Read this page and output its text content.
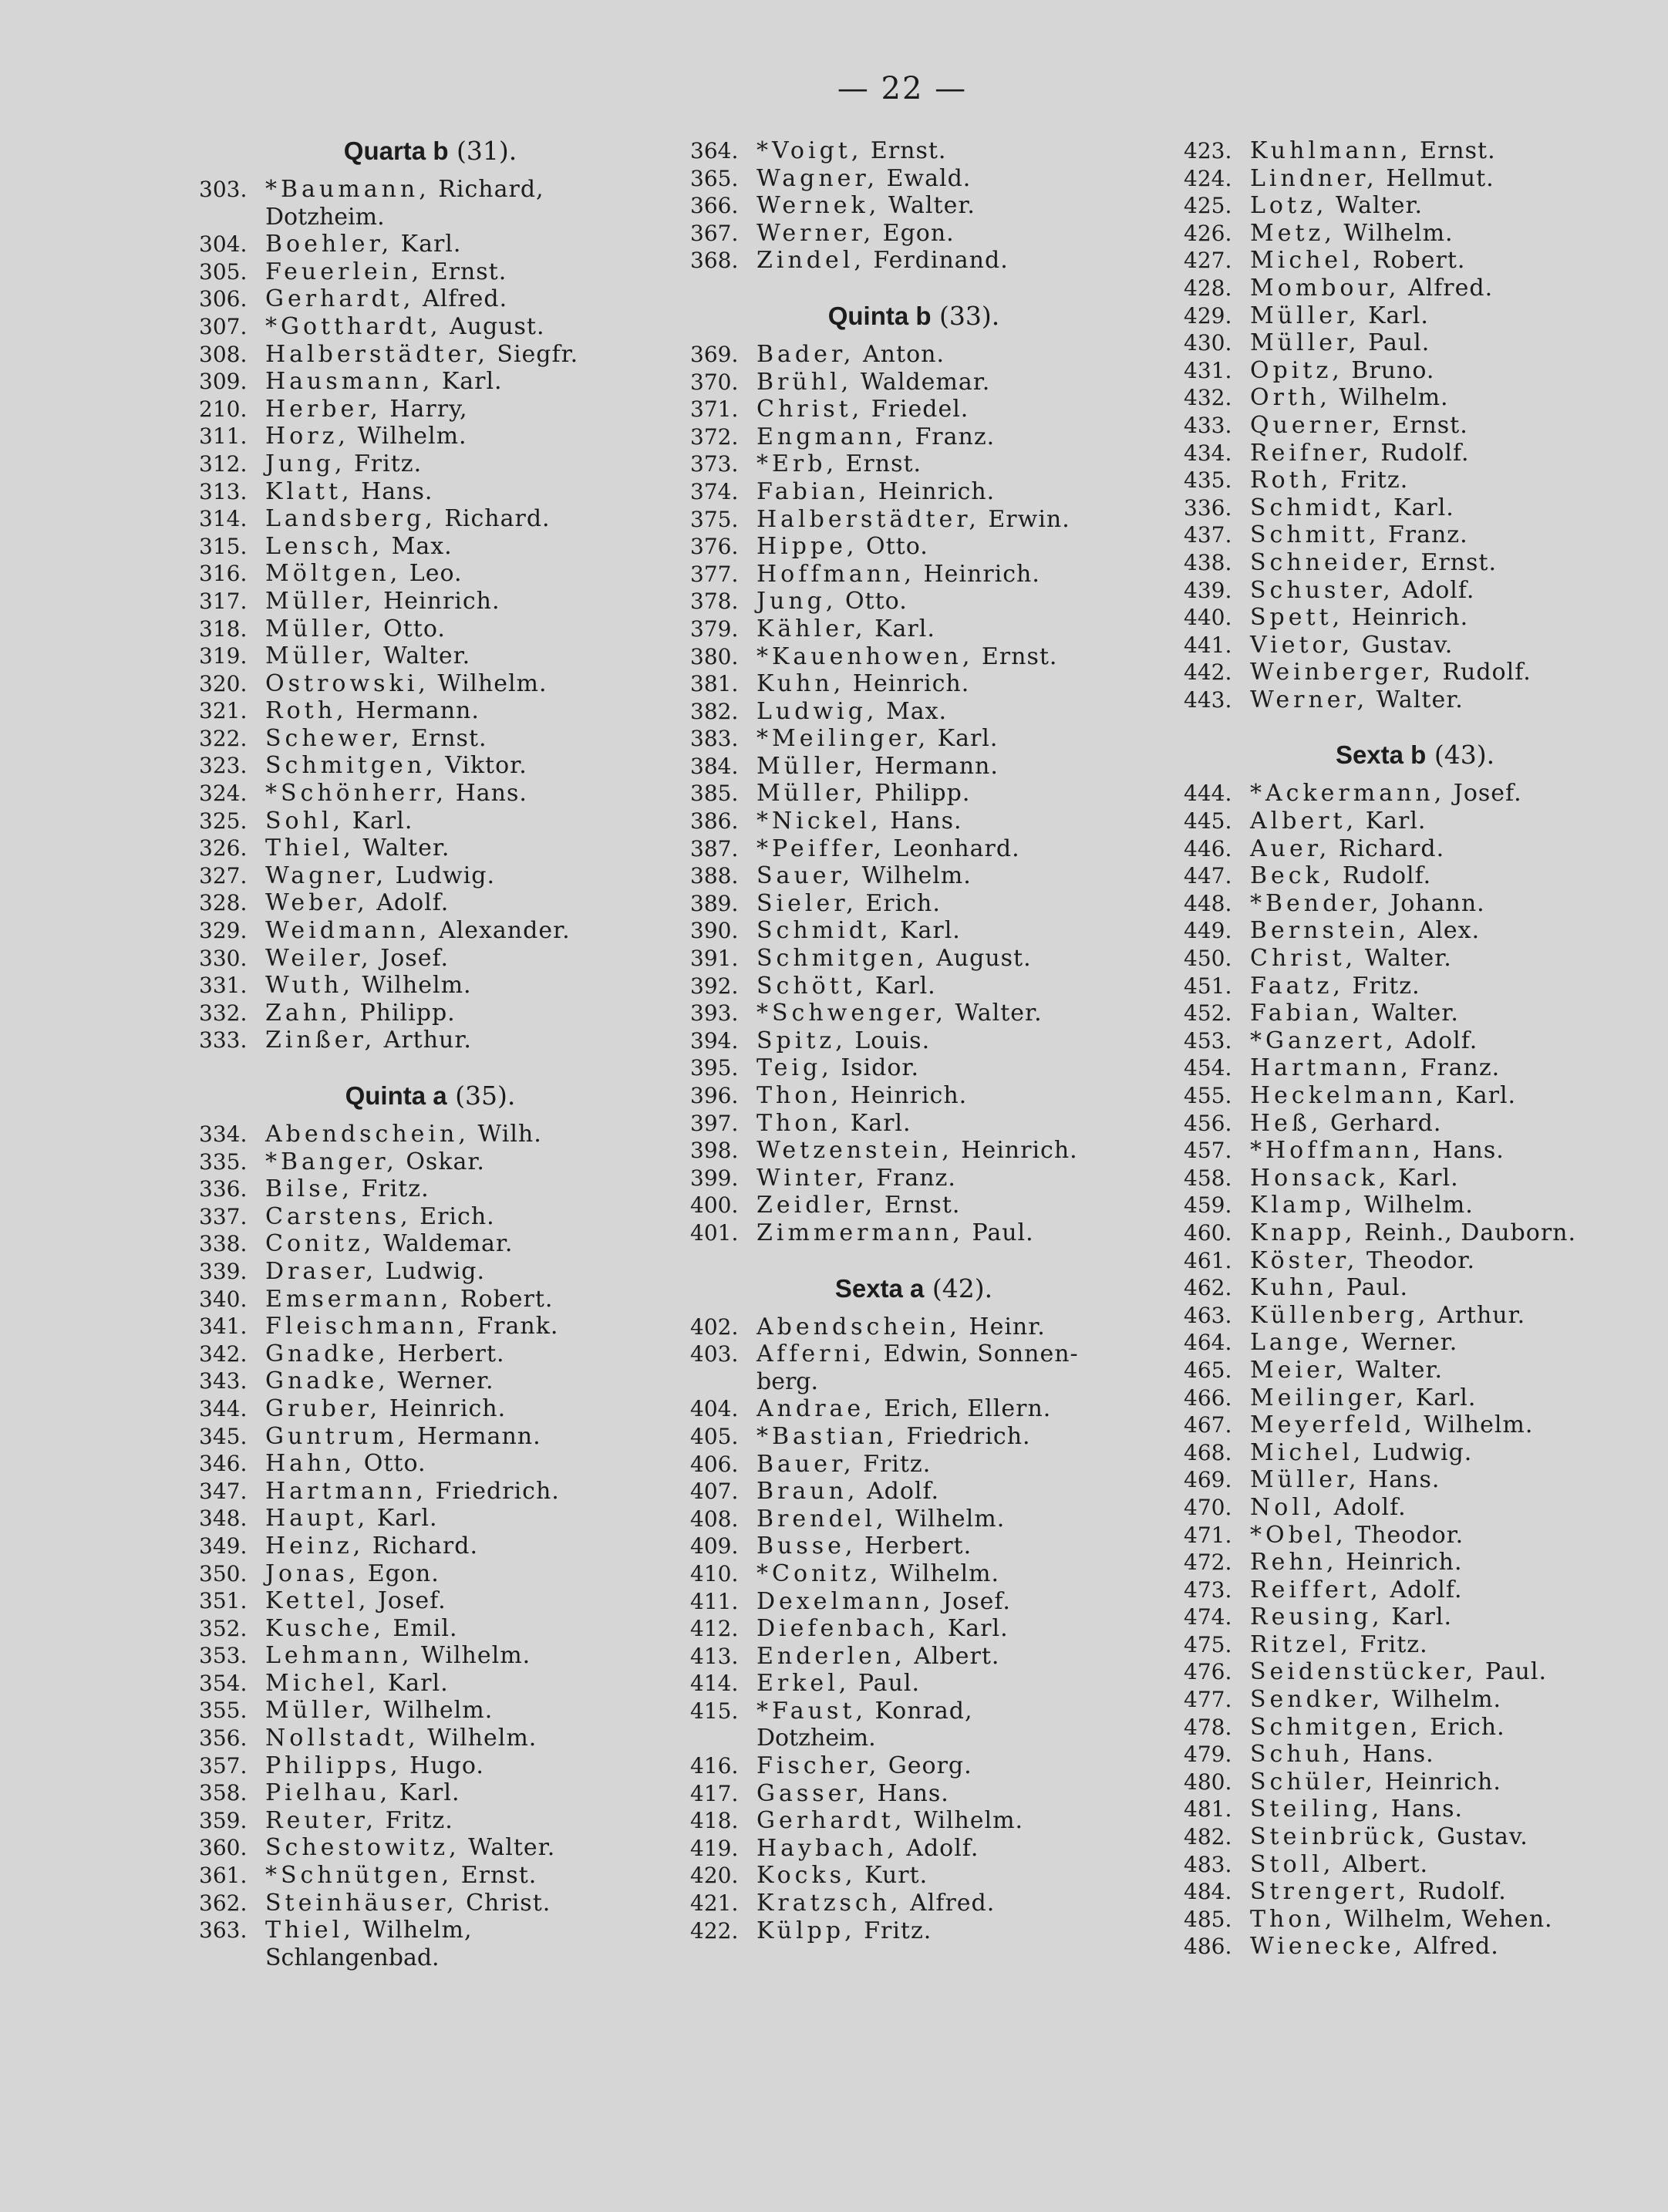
— 22 —
Quarta b (31).
303. *Baumann, Richard,
Dotzheim.
304. Boehler, Karl.
305. Feuerlein, Ernst.
306. Gerhardt, Alfred.
307. *Gotthardt, August.
308. Halberstädter, Siegfr.
309. Hausmann, Karl.
210. Herber, Harry,
311. Horz, Wilhelm.
312. Jung, Fritz.
313. Klatt, Hans.
314. Landsberg, Richard.
315. Lensch, Max.
316. Möltgen, Leo.
317. Müller, Heinrich.
318. Müller, Otto.
319. Müller, Walter.
320. Ostrowski, Wilhelm.
321. Roth, Hermann.
322. Schewer, Ernst.
323. Schmitgen, Viktor.
324. *Schönherr, Hans.
325. Sohl, Karl.
326. Thiel, Walter.
327. Wagner, Ludwig.
328. Weber, Adolf.
329. Weidmann, Alexander.
330. Weiler, Josef.
331. Wuth, Wilhelm.
332. Zahn, Philipp.
333. Zinßer, Arthur.
Quinta a (35).
334. Abendschein, Wilh.
335. *Banger, Oskar.
336. Bilse, Fritz.
337. Carstens, Erich.
338. Conitz, Waldemar.
339. Draser, Ludwig.
340. Emsermann, Robert.
341. Fleischmann, Frank.
342. Gnadke, Herbert.
343. Gnadke, Werner.
344. Gruber, Heinrich.
345. Guntrum, Hermann.
346. Hahn, Otto.
347. Hartmann, Friedrich.
348. Haupt, Karl.
349. Heinz, Richard.
350. Jonas, Egon.
351. Kettel, Josef.
352. Kusche, Emil.
353. Lehmann, Wilhelm.
354. Michel, Karl.
355. Müller, Wilhelm.
356. Nollstadt, Wilhelm.
357. Philipps, Hugo.
358. Pielhau, Karl.
359. Reuter, Fritz.
360. Schestowitz, Walter.
361. *Schnütgen, Ernst.
362. Steinhäuser, Christ.
363. Thiel, Wilhelm,
Schlangenbad.
364. *Voigt, Ernst.
365. Wagner, Ewald.
366. Wernek, Walter.
367. Werner, Egon.
368. Zindel, Ferdinand.
Quinta b (33).
369. Bader, Anton.
370. Brühl, Waldemar.
371. Christ, Friedel.
372. Engmann, Franz.
373. *Erb, Ernst.
374. Fabian, Heinrich.
375. Halberstädter, Erwin.
376. Hippe, Otto.
377. Hoffmann, Heinrich.
378. Jung, Otto.
379. Kähler, Karl.
380. *Kauenhowen, Ernst.
381. Kuhn, Heinrich.
382. Ludwig, Max.
383. *Meilinger, Karl.
384. Müller, Hermann.
385. Müller, Philipp.
386. *Nickel, Hans.
387. *Peiffer, Leonhard.
388. Sauer, Wilhelm.
389. Sieler, Erich.
390. Schmidt, Karl.
391. Schmitgen, August.
392. Schött, Karl.
393. *Schwenger, Walter.
394. Spitz, Louis.
395. Teig, Isidor.
396. Thon, Heinrich.
397. Thon, Karl.
398. Wetzenstein, Heinrich.
399. Winter, Franz.
400. Zeidler, Ernst.
401. Zimmermann, Paul.
Sexta a (42).
402. Abendschein, Heinr.
403. Afferni, Edwin, Sonnen-
berg.
404. Andrae, Erich, Ellern.
405. *Bastian, Friedrich.
406. Bauer, Fritz.
407. Braun, Adolf.
408. Brendel, Wilhelm.
409. Busse, Herbert.
410. *Conitz, Wilhelm.
411. Dexelmann, Josef.
412. Diefenbach, Karl.
413. Enderlen, Albert.
414. Erkel, Paul.
415. *Faust, Konrad,
Dotzheim.
416. Fischer, Georg.
417. Gasser, Hans.
418. Gerhardt, Wilhelm.
419. Haybach, Adolf.
420. Kocks, Kurt.
421. Kratzsch, Alfred.
422. Külpp, Fritz.
423. Kuhlmann, Ernst.
424. Lindner, Hellmut.
425. Lotz, Walter.
426. Metz, Wilhelm.
427. Michel, Robert.
428. Mombour, Alfred.
429. Müller, Karl.
430. Müller, Paul.
431. Opitz, Bruno.
432. Orth, Wilhelm.
433. Querner, Ernst.
434. Reifner, Rudolf.
435. Roth, Fritz.
336. Schmidt, Karl.
437. Schmitt, Franz.
438. Schneider, Ernst.
439. Schuster, Adolf.
440. Spett, Heinrich.
441. Vietor, Gustav.
442. Weinberger, Rudolf.
443. Werner, Walter.
Sexta b (43).
444. *Ackermann, Josef.
445. Albert, Karl.
446. Auer, Richard.
447. Beck, Rudolf.
448. *Bender, Johann.
449. Bernstein, Alex.
450. Christ, Walter.
451. Faatz, Fritz.
452. Fabian, Walter.
453. *Ganzert, Adolf.
454. Hartmann, Franz.
455. Heckelmann, Karl.
456. Heß, Gerhard.
457. *Hoffmann, Hans.
458. Honsack, Karl.
459. Klamp, Wilhelm.
460. Knapp, Reinh., Dauborn.
461. Köster, Theodor.
462. Kuhn, Paul.
463. Küllenberg, Arthur.
464. Lange, Werner.
465. Meier, Walter.
466. Meilinger, Karl.
467. Meyerfeld, Wilhelm.
468. Michel, Ludwig.
469. Müller, Hans.
470. Noll, Adolf.
471. *Obel, Theodor.
472. Rehn, Heinrich.
473. Reiffert, Adolf.
474. Reusing, Karl.
475. Ritzel, Fritz.
476. Seidenstücker, Paul.
477. Sendker, Wilhelm.
478. Schmitgen, Erich.
479. Schuh, Hans.
480. Schüler, Heinrich.
481. Steiling, Hans.
482. Steinbrück, Gustav.
483. Stoll, Albert.
484. Strengert, Rudolf.
485. Thon, Wilhelm, Wehen.
486. Wienecke, Alfred.
